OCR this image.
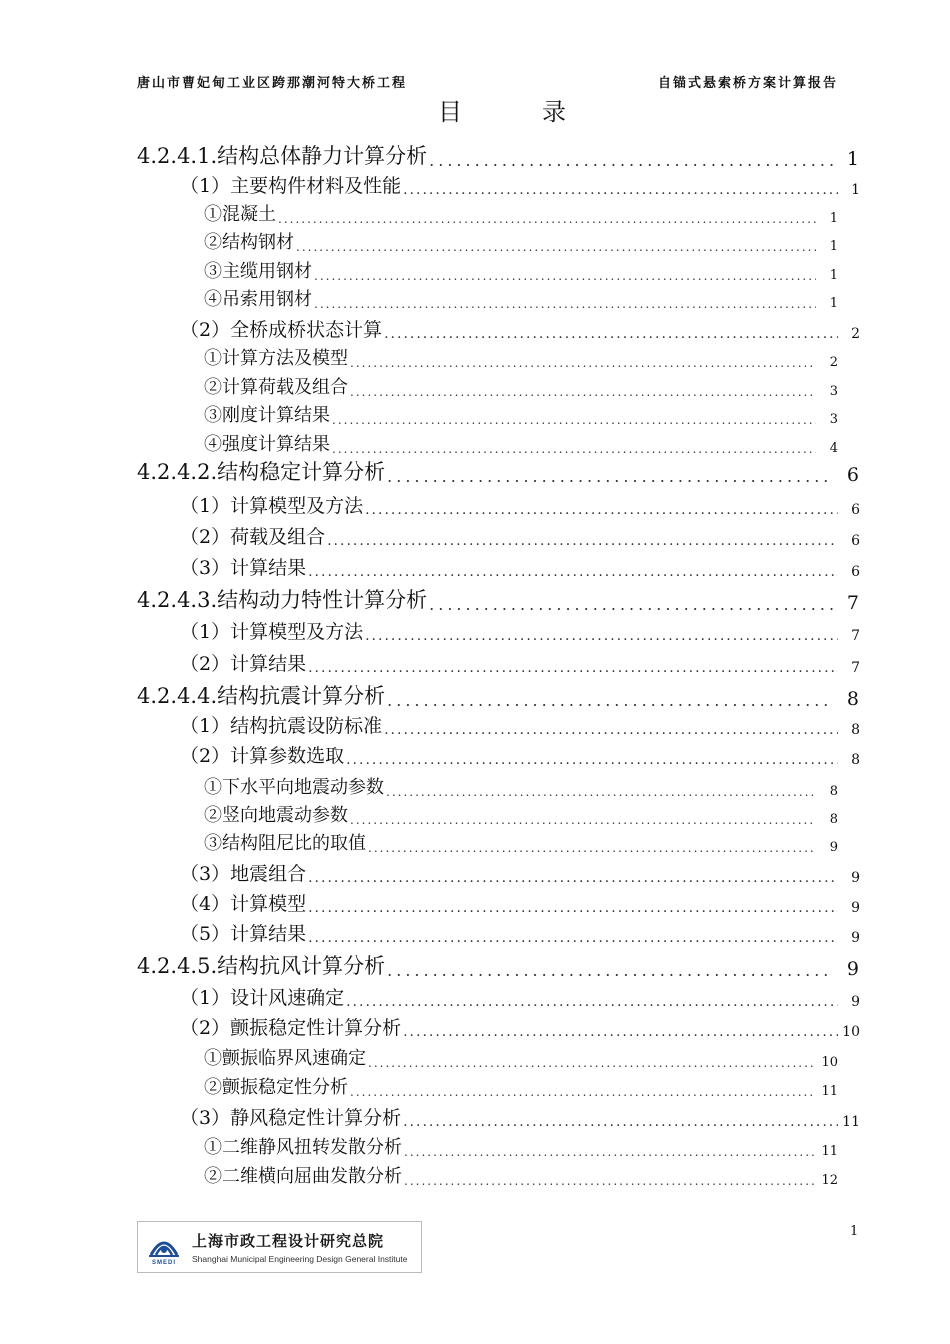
唐山市曹妃甸工业区跨那潮河特大桥工程	自锚式悬索桥方案计算报告
目	录
4.2.4.1.结构总体静力计算分析 .....	1
（1）主要构件材料及性能 .....	1
①混凝土 .....	1
②结构钢材 .....	1
③主缆用钢材 .....	1
④吊索用钢材 .....	1
（2）全桥成桥状态计算 .....	2
①计算方法及模型 .....	2
②计算荷载及组合 .....	3
③刚度计算结果 .....	3
④强度计算结果 .....	4
4.2.4.2.结构稳定计算分析 .....	6
（1）计算模型及方法 .....	6
（2）荷载及组合 .....	6
（3）计算结果 .....	6
4.2.4.3.结构动力特性计算分析 .....	7
（1）计算模型及方法 .....	7
（2）计算结果 .....	7
4.2.4.4.结构抗震计算分析 .....	8
（1）结构抗震设防标准 .....	8
（2）计算参数选取 .....	8
①下水平向地震动参数 .....	8
②竖向地震动参数 .....	8
③结构阻尼比的取值 .....	9
（3）地震组合 .....	9
（4）计算模型 .....	9
（5）计算结果 .....	9
4.2.4.5.结构抗风计算分析 .....	9
（1）设计风速确定 .....	9
（2）颤振稳定性计算分析 .....	10
①颤振临界风速确定 .....	10
②颤振稳定性分析 .....	11
（3）静风稳定性计算分析 .....	11
①二维静风扭转发散分析 .....	11
②二维横向屈曲发散分析 .....	12
SMEDI
上海市政工程设计研究总院
Shanghai Municipal Engineering Design General Institute
1
